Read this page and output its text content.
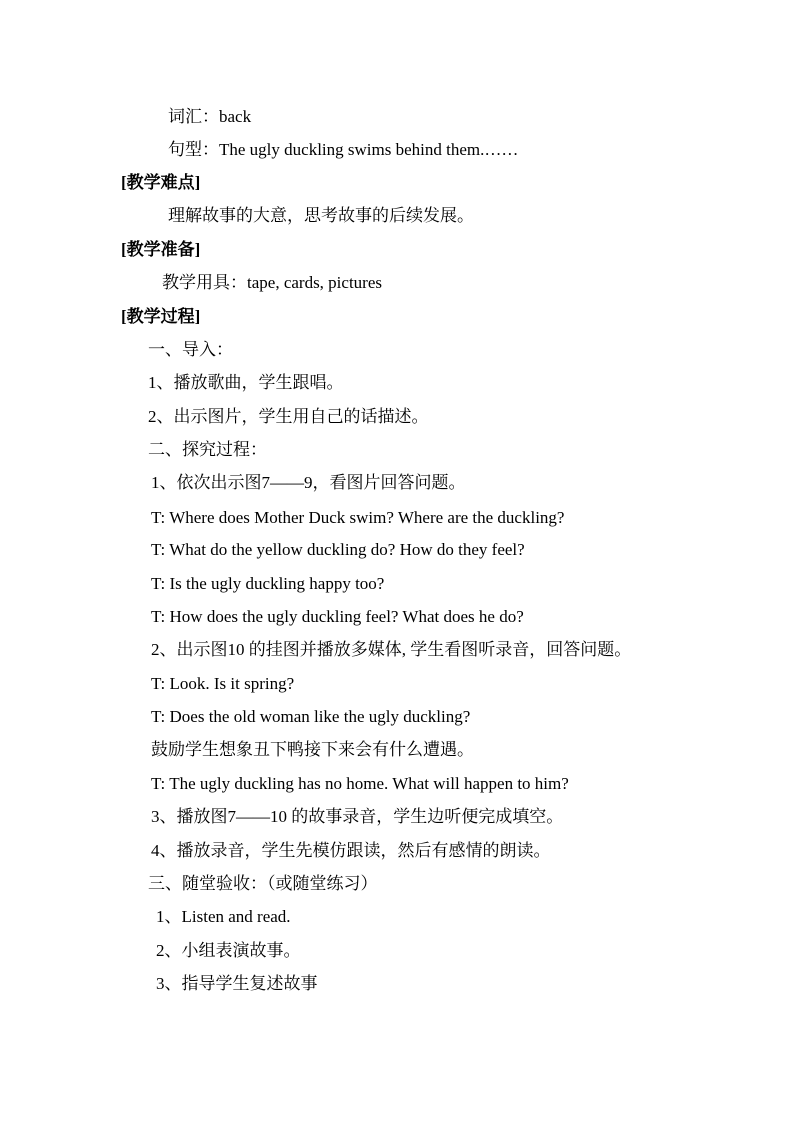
词汇：back
句型：The ugly duckling swims behind them.……
[教学难点]
理解故事的大意，思考故事的后续发展。
[教学准备]
教学用具：tape, cards, pictures
[教学过程]
一、导入：
1、播放歌曲，学生跟唱。
2、出示图片，学生用自己的话描述。
二、探究过程：
1、依次出示图7——9，看图片回答问题。
T: Where does Mother Duck swim? Where are the duckling?
T: What do the yellow duckling do? How do they feel?
T: Is the ugly duckling happy too?
T: How does the ugly duckling feel? What does he do?
2、出示图10 的挂图并播放多媒体, 学生看图听录音，回答问题。
T: Look. Is it spring?
T: Does the old woman like the ugly duckling?
鼓励学生想象丑下鸭接下来会有什么遭遇。
T: The ugly duckling has no home. What will happen to him?
3、播放图7——10 的故事录音，学生边听便完成填空。
4、播放录音，学生先模仿跟读，然后有感情的朗读。
三、随堂验收：（或随堂练习）
1、Listen and read.
2、小组表演故事。
3、指导学生复述故事
